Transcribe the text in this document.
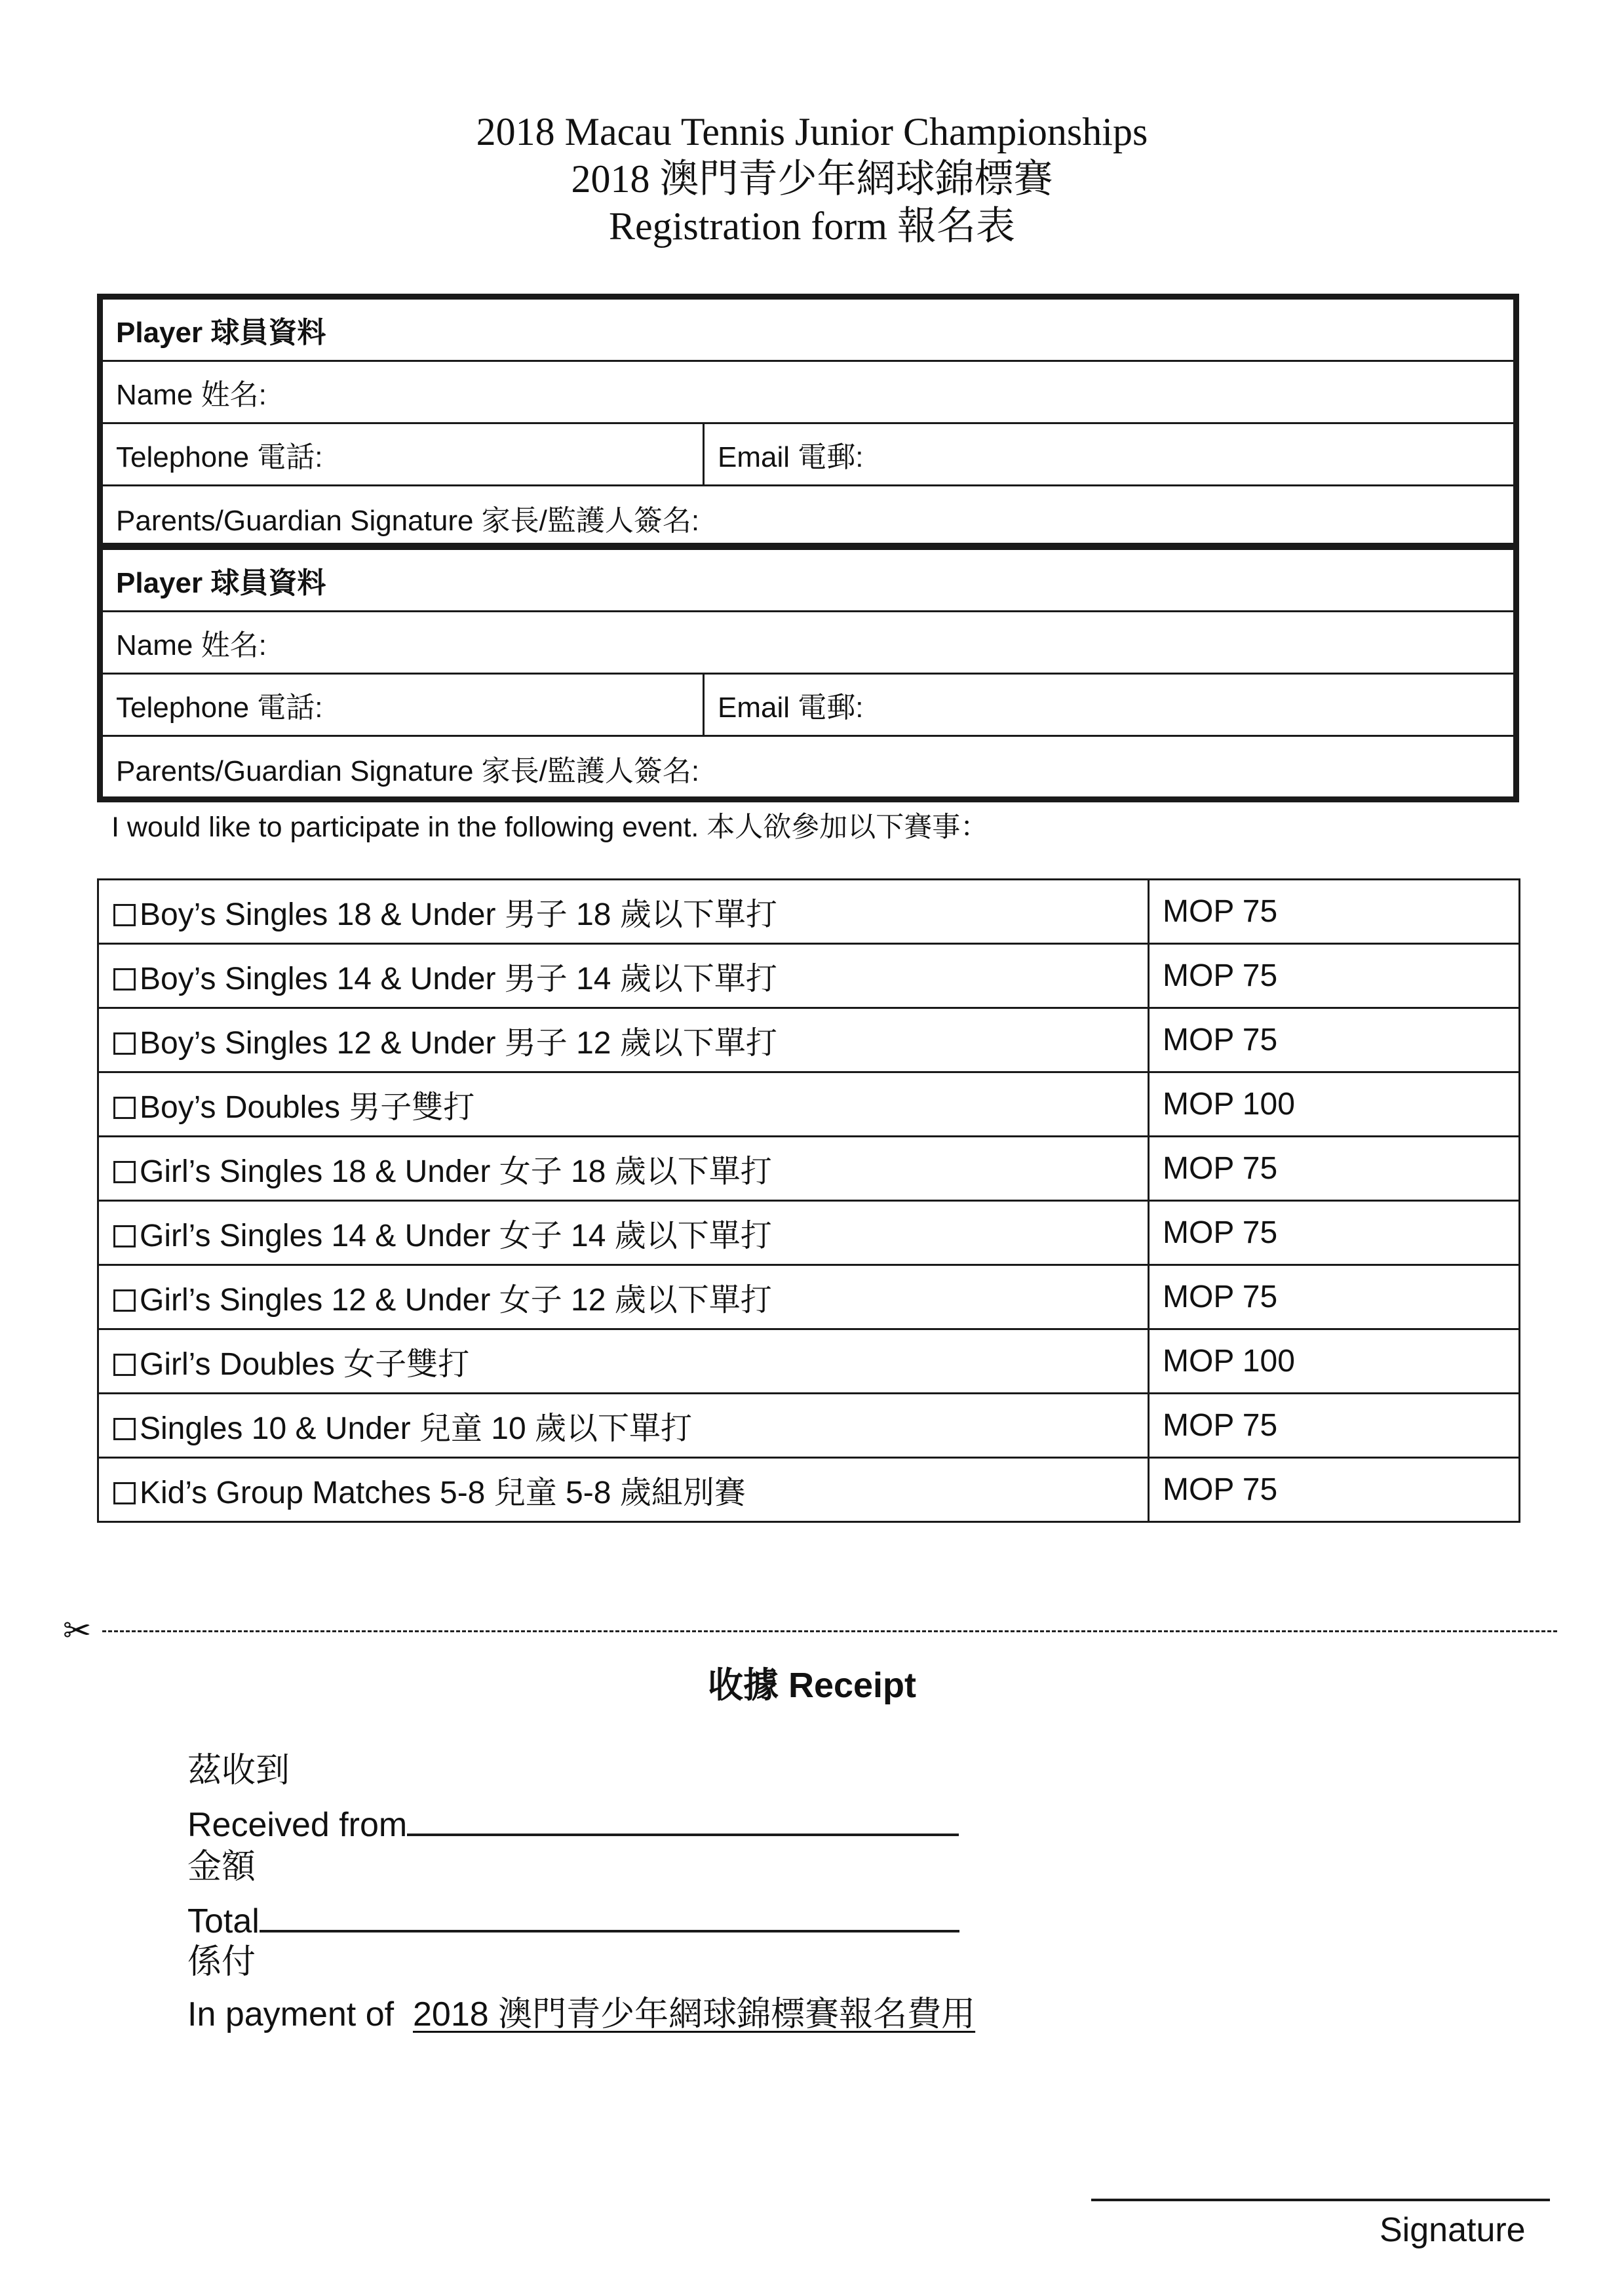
2018 Macau Tennis Junior Championships
2018 澳門青少年網球錦標賽
Registration form 報名表
Player 球員資料
Name 姓名:
Telephone 電話:	Email 電郵:
Parents/Guardian Signature 家長/監護人簽名:
Player 球員資料
Name 姓名:
Telephone 電話:	Email 電郵:
Parents/Guardian Signature 家長/監護人簽名:
I would like to participate in the following event. 本人欲參加以下賽事：
Boy’s Singles 18 & Under 男子 18 歲以下單打	MOP 75
Boy’s Singles 14 & Under 男子 14 歲以下單打	MOP 75
Boy’s Singles 12 & Under 男子 12 歲以下單打	MOP 75
Boy’s Doubles 男子雙打	MOP 100
Girl’s Singles 18 & Under 女子 18 歲以下單打	MOP 75
Girl’s Singles 14 & Under 女子 14 歲以下單打	MOP 75
Girl’s Singles 12 & Under 女子 12 歲以下單打	MOP 75
Girl’s Doubles 女子雙打	MOP 100
Singles 10 & Under 兒童 10 歲以下單打	MOP 75
Kid’s Group Matches 5-8 兒童 5-8 歲組別賽	MOP 75
✂
收據 Receipt
茲收到
Received from
金額
Total
係付
In payment of 2018 澳門青少年網球錦標賽報名費用
Signature
